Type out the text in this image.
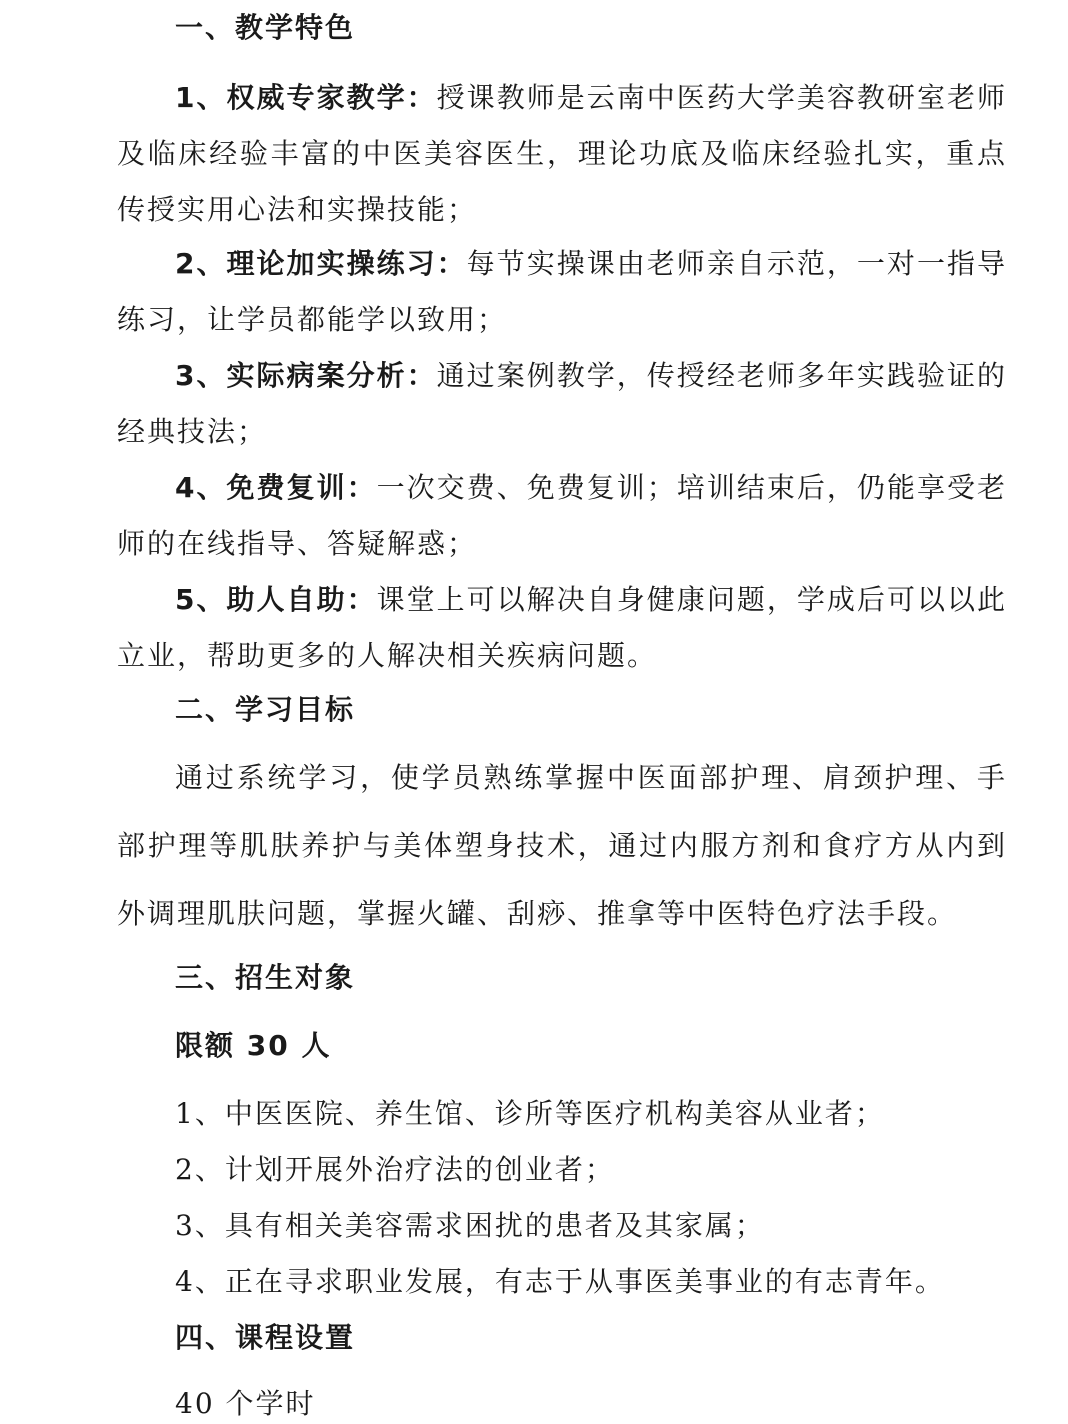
一、教学特色

1、权威专家教学：授课教师是云南中医药大学美容教研室老师及临床经验丰富的中医美容医生，理论功底及临床经验扎实，重点传授实用心法和实操技能；

2、理论加实操练习：每节实操课由老师亲自示范，一对一指导练习，让学员都能学以致用；

3、实际病案分析：通过案例教学，传授经老师多年实践验证的经典技法；

4、免费复训：一次交费、免费复训；培训结束后，仍能享受老师的在线指导、答疑解惑；

5、助人自助：课堂上可以解决自身健康问题，学成后可以以此立业，帮助更多的人解决相关疾病问题。

二、学习目标

通过系统学习，使学员熟练掌握中医面部护理、肩颈护理、手部护理等肌肤养护与美体塑身技术，通过内服方剂和食疗方从内到外调理肌肤问题，掌握火罐、刮痧、推拿等中医特色疗法手段。

三、招生对象
限额 30 人
1、中医医院、养生馆、诊所等医疗机构美容从业者；
2、计划开展外治疗法的创业者；
3、具有相关美容需求困扰的患者及其家属；
4、正在寻求职业发展，有志于从事医美事业的有志青年。
四、课程设置
40 个学时
